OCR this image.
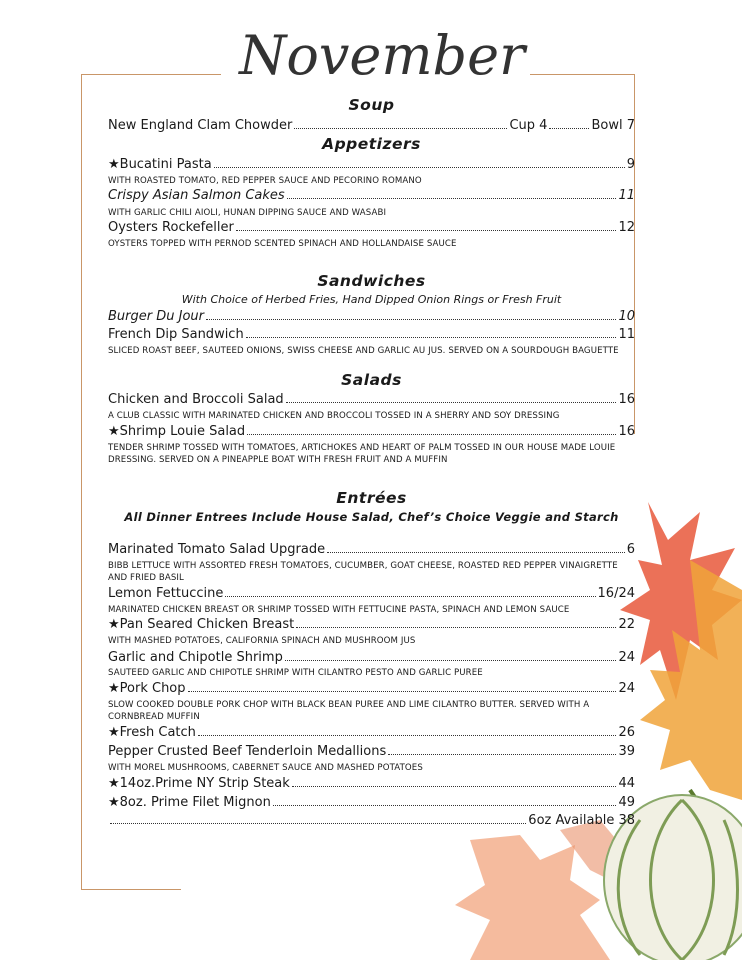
November
Soup
New England Clam Chowder	Cup 4	Bowl 7
Appetizers
★Bucatini Pasta	9
WITH ROASTED TOMATO, RED PEPPER SAUCE AND PECORINO ROMANO
Crispy Asian Salmon Cakes	11
WITH GARLIC CHILI AIOLI, HUNAN DIPPING SAUCE AND WASABI
Oysters Rockefeller	12
OYSTERS TOPPED WITH PERNOD SCENTED SPINACH AND HOLLANDAISE SAUCE
Sandwiches
With Choice of Herbed Fries, Hand Dipped Onion Rings or Fresh Fruit
Burger Du Jour	10
French Dip Sandwich	11
SLICED ROAST BEEF, SAUTEED ONIONS, SWISS CHEESE AND GARLIC AU JUS. SERVED ON A SOURDOUGH BAGUETTE
Salads
Chicken and Broccoli Salad	16
A CLUB CLASSIC WITH MARINATED CHICKEN AND BROCCOLI TOSSED IN A SHERRY AND SOY DRESSING
★Shrimp Louie Salad	16
TENDER SHRIMP TOSSED WITH TOMATOES, ARTICHOKES AND HEART OF PALM TOSSED IN OUR HOUSE MADE LOUIE DRESSING. SERVED ON A PINEAPPLE BOAT WITH FRESH FRUIT AND A MUFFIN
Entrées
All Dinner Entrees Include House Salad, Chef’s Choice Veggie and Starch
Marinated Tomato Salad Upgrade	6
BIBB LETTUCE WITH ASSORTED FRESH TOMATOES, CUCUMBER, GOAT CHEESE, ROASTED RED PEPPER VINAIGRETTE AND FRIED BASIL
Lemon Fettuccine	16/24
MARINATED CHICKEN BREAST OR SHRIMP TOSSED WITH FETTUCINE PASTA, SPINACH AND LEMON SAUCE
★Pan Seared Chicken Breast	22
WITH MASHED POTATOES, CALIFORNIA SPINACH AND MUSHROOM JUS
Garlic and Chipotle Shrimp	24
SAUTEED GARLIC AND CHIPOTLE SHRIMP WITH CILANTRO PESTO AND GARLIC PUREE
★Pork Chop	24
SLOW COOKED DOUBLE PORK CHOP WITH BLACK BEAN PUREE AND LIME CILANTRO BUTTER. SERVED WITH A CORNBREAD MUFFIN
★Fresh Catch	26
Pepper Crusted Beef Tenderloin Medallions	39
WITH MOREL MUSHROOMS, CABERNET SAUCE AND MASHED POTATOES
★14oz.Prime NY Strip Steak	44
★8oz. Prime Filet Mignon	49
6oz Available 38
